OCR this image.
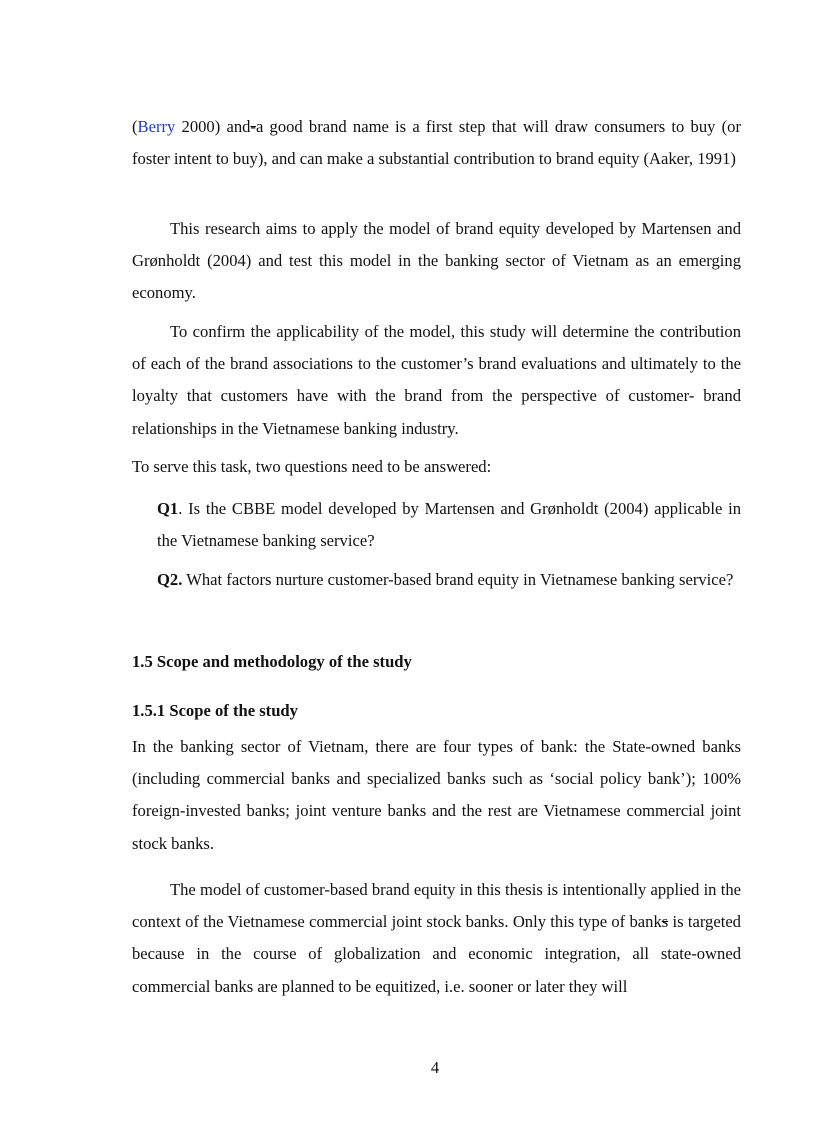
(Berry 2000) and-a good brand name is a first step that will draw consumers to buy (or foster intent to buy), and can make a substantial contribution to brand equity (Aaker, 1991)

This research aims to apply the model of brand equity developed by Martensen and Grønholdt (2004) and test this model in the banking sector of Vietnam as an emerging economy.

To confirm the applicability of the model, this study will determine the contribution of each of the brand associations to the customer’s brand evaluations and ultimately to the loyalty that customers have with the brand from the perspective of customer- brand relationships in the Vietnamese banking industry.

To serve this task, two questions need to be answered:

Q1. Is the CBBE model developed by Martensen and Grønholdt (2004) applicable in the Vietnamese banking service?

Q2. What factors nurture customer-based brand equity in Vietnamese banking service?

1.5 Scope and methodology of the study
1.5.1 Scope of the study

In the banking sector of Vietnam, there are four types of bank: the State-owned banks (including commercial banks and specialized banks such as ‘social policy bank’); 100% foreign-invested banks; joint venture banks and the rest are Vietnamese commercial joint stock banks.

The model of customer-based brand equity in this thesis is intentionally applied in the context of the Vietnamese commercial joint stock banks. Only this type of banks is targeted because in the course of globalization and economic integration, all state-owned commercial banks are planned to be equitized, i.e. sooner or later they will

4
